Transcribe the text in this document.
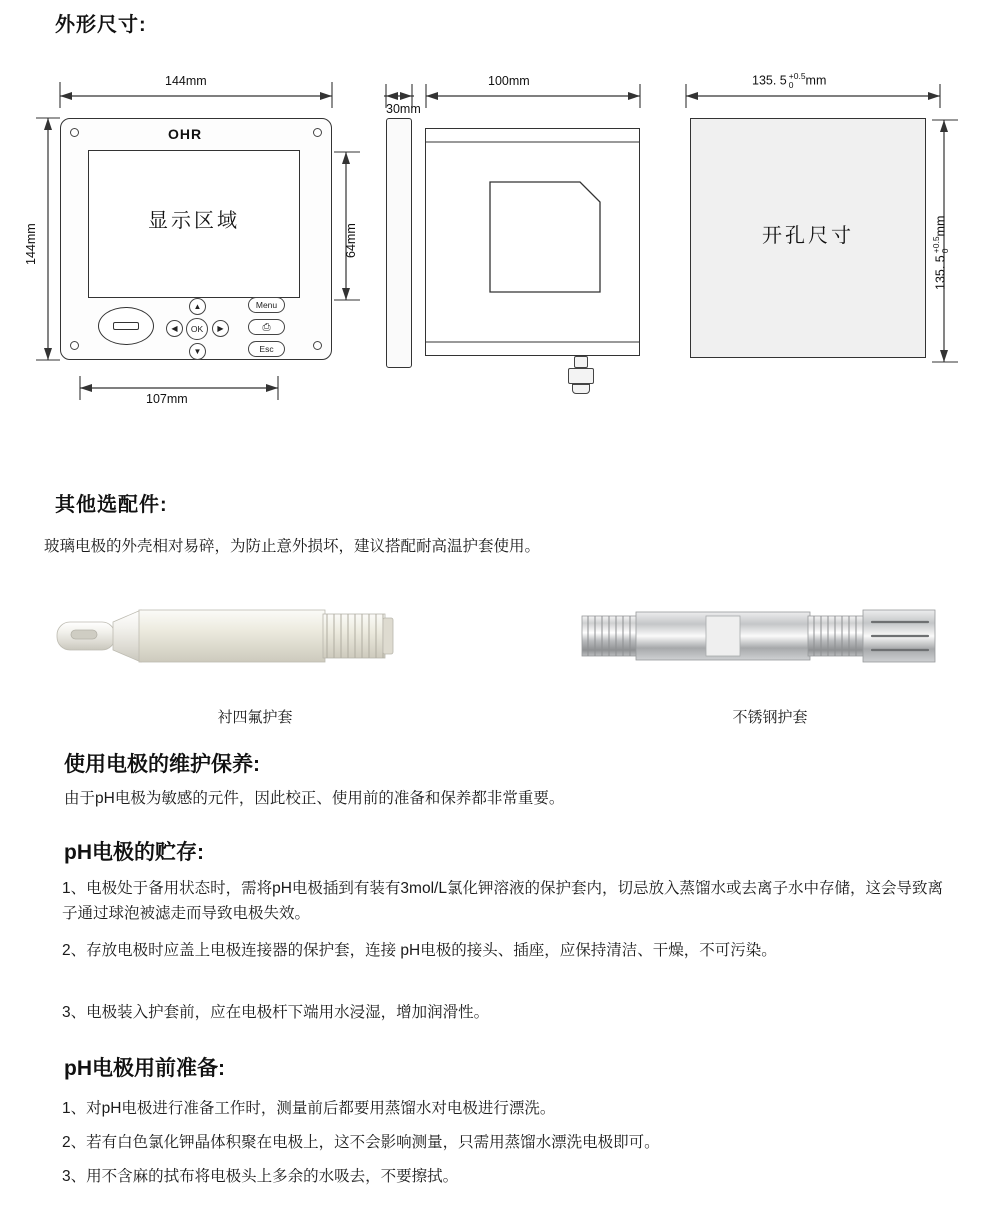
外形尺寸:
144mm
144mm
OHR
显示区域
64mm
▲
▼
◀	▶
OK
Menu
⎙
Esc
107mm
30mm
100mm	135. 5 +0.5
0 mm
开孔尺寸
135. 5
+0.5 0
mm
其他选配件:
玻璃电极的外壳相对易碎，为防止意外损坏，建议搭配耐高温护套使用。
衬四氟护套	不锈钢护套
使用电极的维护保养:
由于pH电极为敏感的元件，因此校正、使用前的准备和保养都非常重要。
pH电极的贮存:
1、电极处于备用状态时，需将pH电极插到有装有3mol/L氯化钾溶液的保护套内，切忌放入蒸馏水或去离子水中存储，这会导致离子通过球泡被滤走而导致电极失效。
2、存放电极时应盖上电极连接器的保护套，连接 pH电极的接头、插座，应保持清洁、干燥，不可污染。
3、电极装入护套前，应在电极杆下端用水浸湿，增加润滑性。
pH电极用前准备:
1、对pH电极进行准备工作时，测量前后都要用蒸馏水对电极进行漂洗。
2、若有白色氯化钾晶体积聚在电极上，这不会影响测量，只需用蒸馏水漂洗电极即可。
3、用不含麻的拭布将电极头上多余的水吸去，不要擦拭。
